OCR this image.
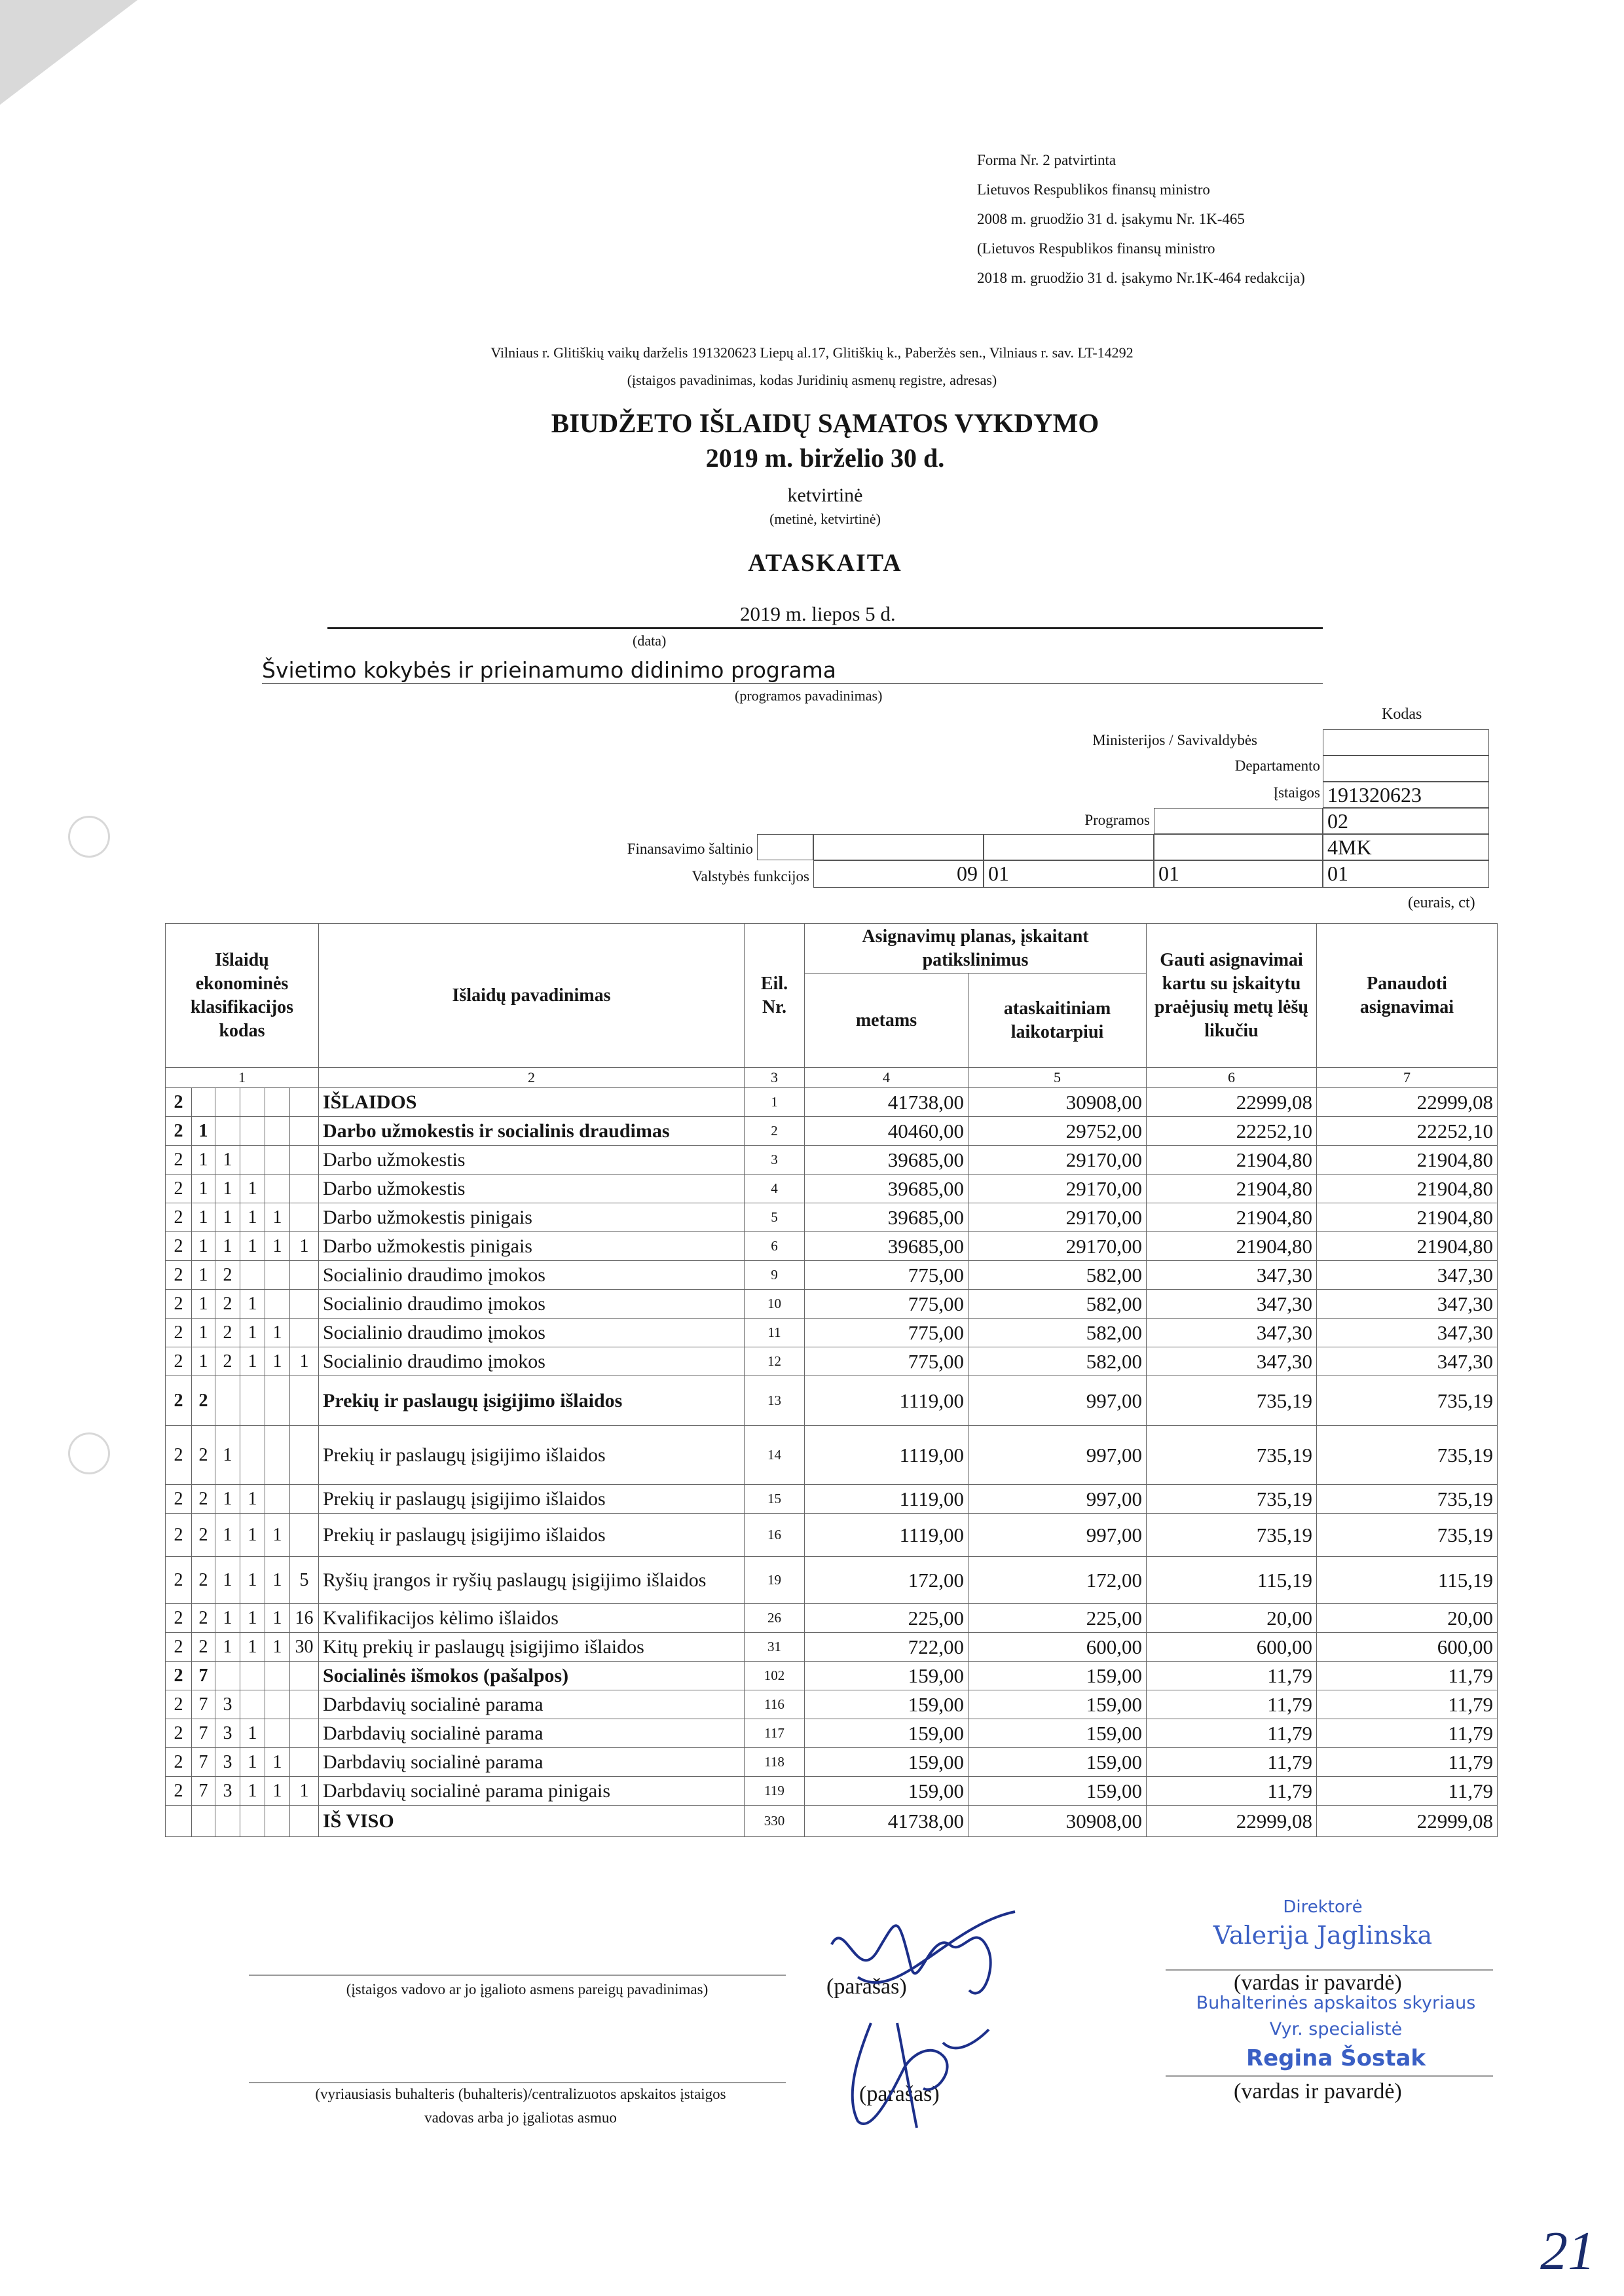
Forma Nr. 2 patvirtinta
Lietuvos Respublikos finansų ministro
2008 m. gruodžio 31 d. įsakymu Nr. 1K-465
(Lietuvos Respublikos finansų ministro
2018 m. gruodžio 31 d. įsakymo Nr.1K-464 redakcija)
Vilniaus r. Glitiškių vaikų darželis 191320623 Liepų al.17, Glitiškių k., Paberžės sen., Vilniaus r. sav. LT-14292
(įstaigos pavadinimas, kodas Juridinių asmenų registre, adresas)
BIUDŽETO IŠLAIDŲ SĄMATOS VYKDYMO
2019 m. birželio 30 d.
ketvirtinė
(metinė, ketvirtinė)
ATASKAITA
2019 m. liepos 5 d.
(data)
Švietimo kokybės ir prieinamumo didinimo programa
(programos pavadinimas)
Kodas
Ministerijos / Savivaldybės
Departamento
Įstaigos 191320623
Programos	02
Finansavimo šaltinio	4MK
Valstybės funkcijos	09 01	01	01
(eurais, ct)
Išlaidų ekonominės klasifikacijos kodas						Išlaidų pavadinimas	Eil. Nr.	Asignavimų planas, įskaitant patikslinimus		Gauti asignavimai kartu su įskaitytu praėjusių metų lėšų likučiu	Panaudoti asignavimai
								metams	ataskaitiniam laikotarpiui		
1						2	3	4	5	6	7
2						IŠLAIDOS	1	41738,00	30908,00	22999,08	22999,08
2	1					Darbo užmokestis ir socialinis draudimas	2	40460,00	29752,00	22252,10	22252,10
2	1	1				Darbo užmokestis	3	39685,00	29170,00	21904,80	21904,80
2	1	1	1			Darbo užmokestis	4	39685,00	29170,00	21904,80	21904,80
2	1	1	1	1		Darbo užmokestis pinigais	5	39685,00	29170,00	21904,80	21904,80
2	1	1	1	1	1	Darbo užmokestis pinigais	6	39685,00	29170,00	21904,80	21904,80
2	1	2				Socialinio draudimo įmokos	9	775,00	582,00	347,30	347,30
2	1	2	1			Socialinio draudimo įmokos	10	775,00	582,00	347,30	347,30
2	1	2	1	1		Socialinio draudimo įmokos	11	775,00	582,00	347,30	347,30
2	1	2	1	1	1	Socialinio draudimo įmokos	12	775,00	582,00	347,30	347,30
2	2					Prekių ir paslaugų įsigijimo išlaidos	13	1119,00	997,00	735,19	735,19
2	2	1				Prekių ir paslaugų įsigijimo išlaidos	14	1119,00	997,00	735,19	735,19
2	2	1	1			Prekių ir paslaugų įsigijimo išlaidos	15	1119,00	997,00	735,19	735,19
2	2	1	1	1		Prekių ir paslaugų įsigijimo išlaidos	16	1119,00	997,00	735,19	735,19
2	2	1	1	1	5	Ryšių įrangos ir ryšių paslaugų įsigijimo išlaidos	19	172,00	172,00	115,19	115,19
2	2	1	1	1	16	Kvalifikacijos kėlimo išlaidos	26	225,00	225,00	20,00	20,00
2	2	1	1	1	30	Kitų prekių ir paslaugų įsigijimo išlaidos	31	722,00	600,00	600,00	600,00
2	7					Socialinės išmokos (pašalpos)	102	159,00	159,00	11,79	11,79
2	7	3				Darbdavių socialinė parama	116	159,00	159,00	11,79	11,79
2	7	3	1			Darbdavių socialinė parama	117	159,00	159,00	11,79	11,79
2	7	3	1	1		Darbdavių socialinė parama	118	159,00	159,00	11,79	11,79
2	7	3	1	1	1	Darbdavių socialinė parama pinigais	119	159,00	159,00	11,79	11,79
						IŠ VISO	330	41738,00	30908,00	22999,08	22999,08
(įstaigos vadovo ar jo įgalioto asmens pareigų pavadinimas)	(parašas)
Direktorė
Valerija Jaglinska
(vardas ir pavardė)
Buhalterinės apskaitos skyriaus
Vyr. specialistė
Regina Šostak
(vardas ir pavardė)
(vyriausiasis buhalteris (buhalteris)/centralizuotos apskaitos įstaigos
vadovas arba jo įgaliotas asmuo
(parašas)
21
